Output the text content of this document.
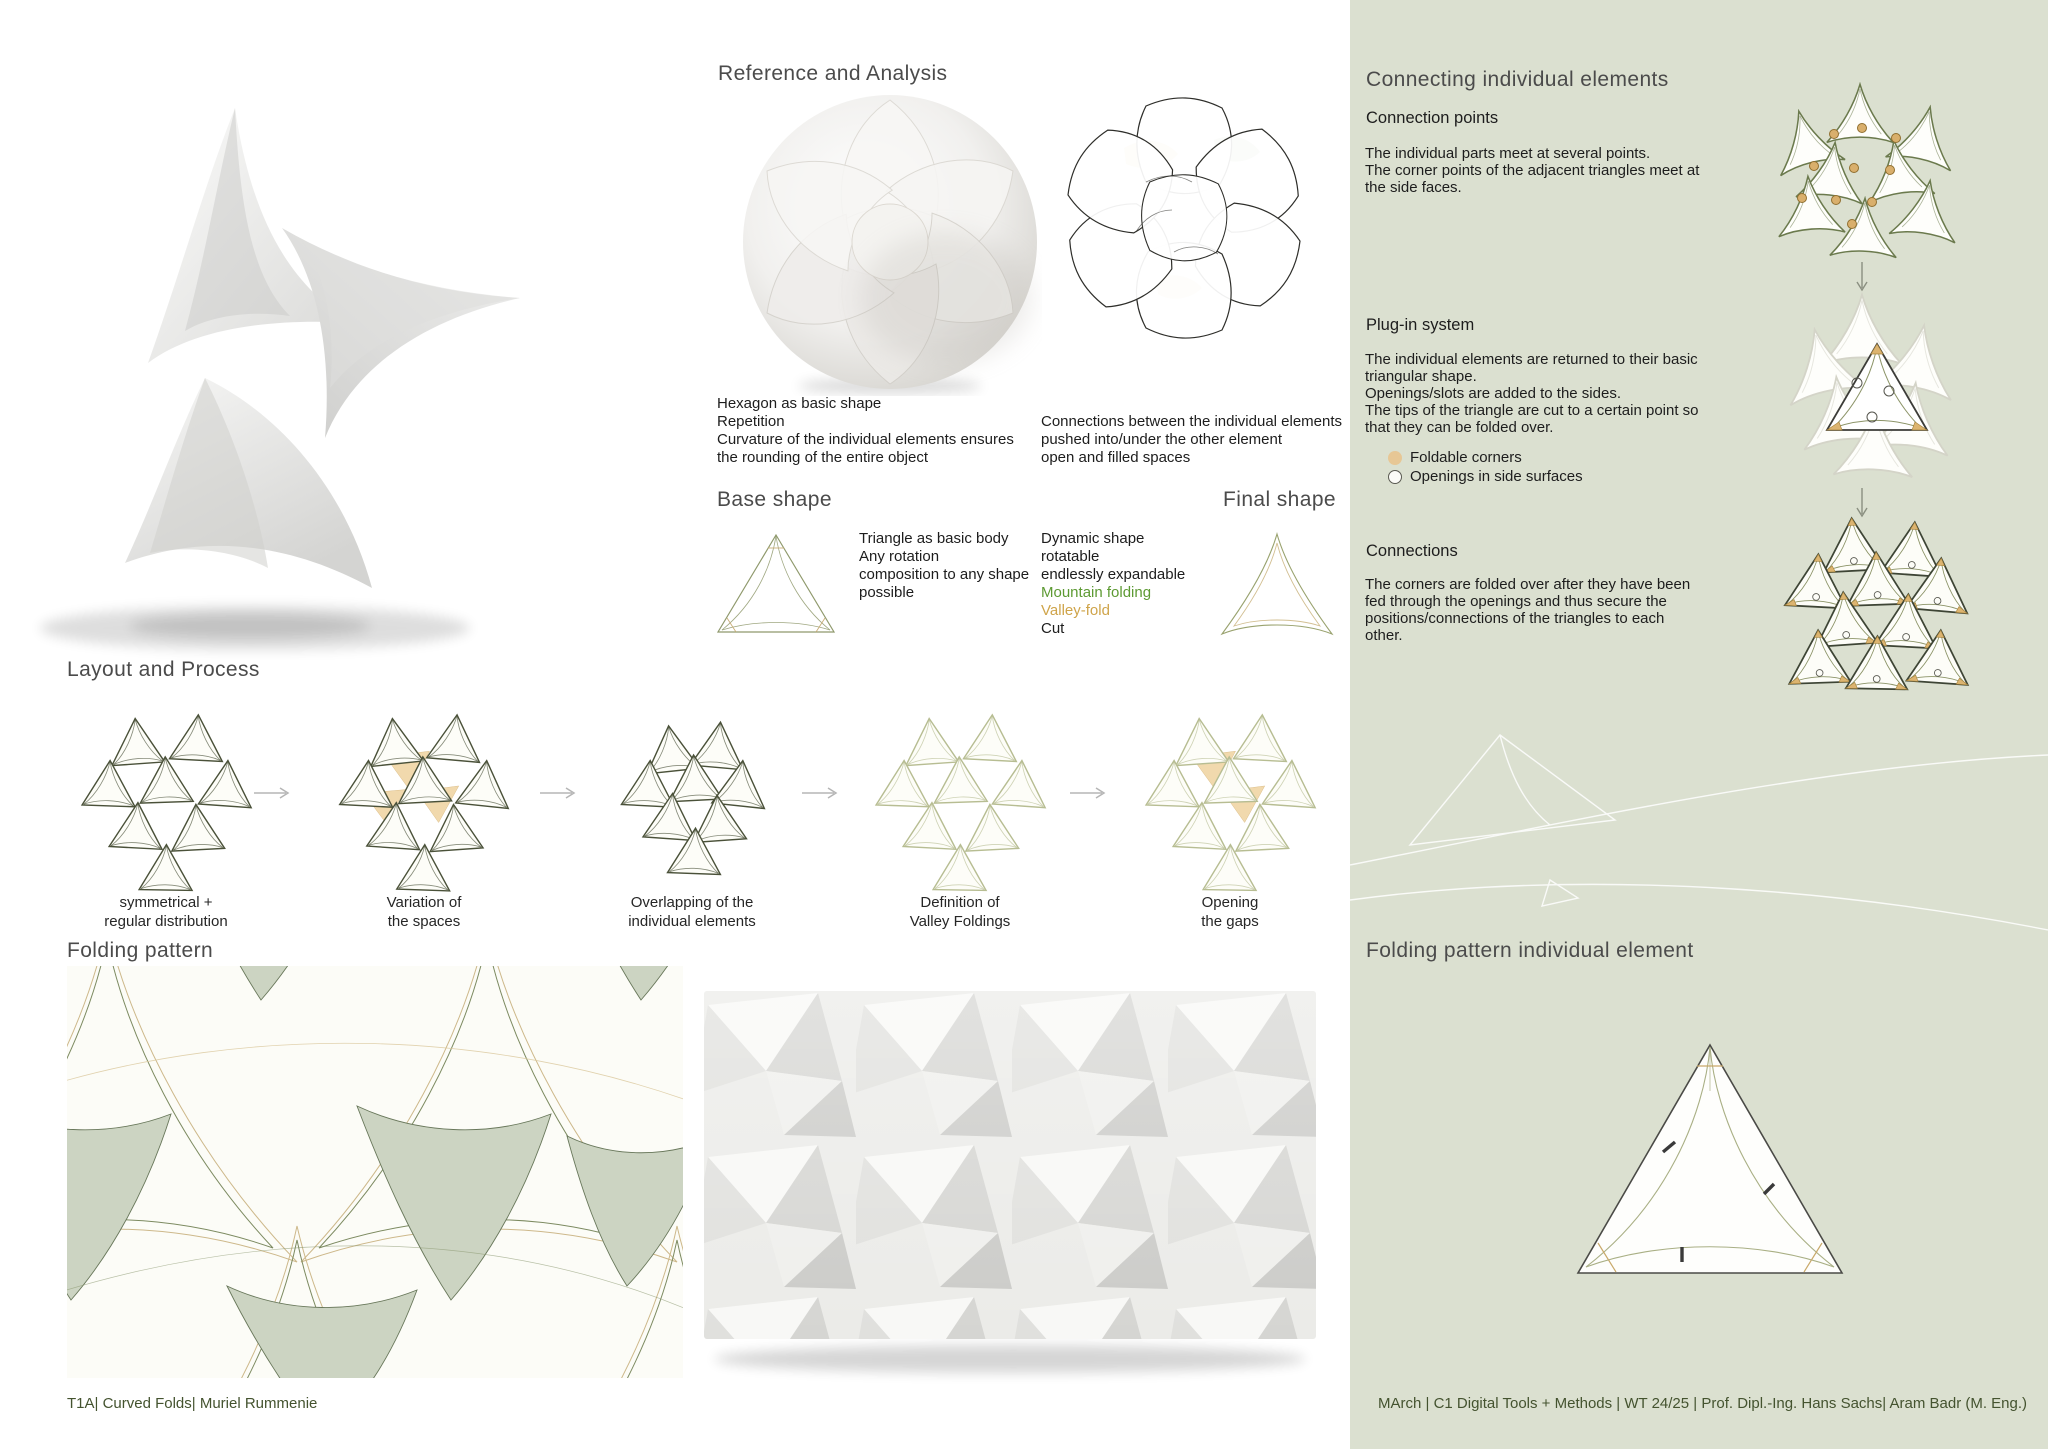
Reference and Analysis
Hexagon as basic shape
Repetition
Curvature of the individual elements ensures
the rounding of the entire object
Connections between the individual elements
pushed into/under the other element
open and filled spaces
Base shape	Final shape
Triangle as basic body
Any rotation
composition to any shape
possible
Dynamic shape
rotatable
endlessly expandable
Mountain folding
Valley-fold
Cut
Layout and Process
symmetrical +
regular distribution
Variation of
the spaces
Overlapping of the
individual elements
Definition of
Valley Foldings
Opening
the gaps
Folding pattern
T1A| Curved Folds| Muriel Rummenie
Connecting individual elements
Connection points
The individual parts meet at several points.
The corner points of the adjacent triangles meet at
the side faces.
Plug-in system
The individual elements are returned to their basic
triangular shape.
Openings/slots are added to the sides.
The tips of the triangle are cut to a certain point so
that they can be folded over.
Foldable corners
Openings in side surfaces
Connections
The corners are folded over after they have been
fed through the openings and thus secure the
positions/connections of the triangles to each
other.
Folding pattern individual element
MArch | C1 Digital Tools + Methods | WT 24/25 | Prof. Dipl.-Ing. Hans Sachs| Aram Badr (M. Eng.)
